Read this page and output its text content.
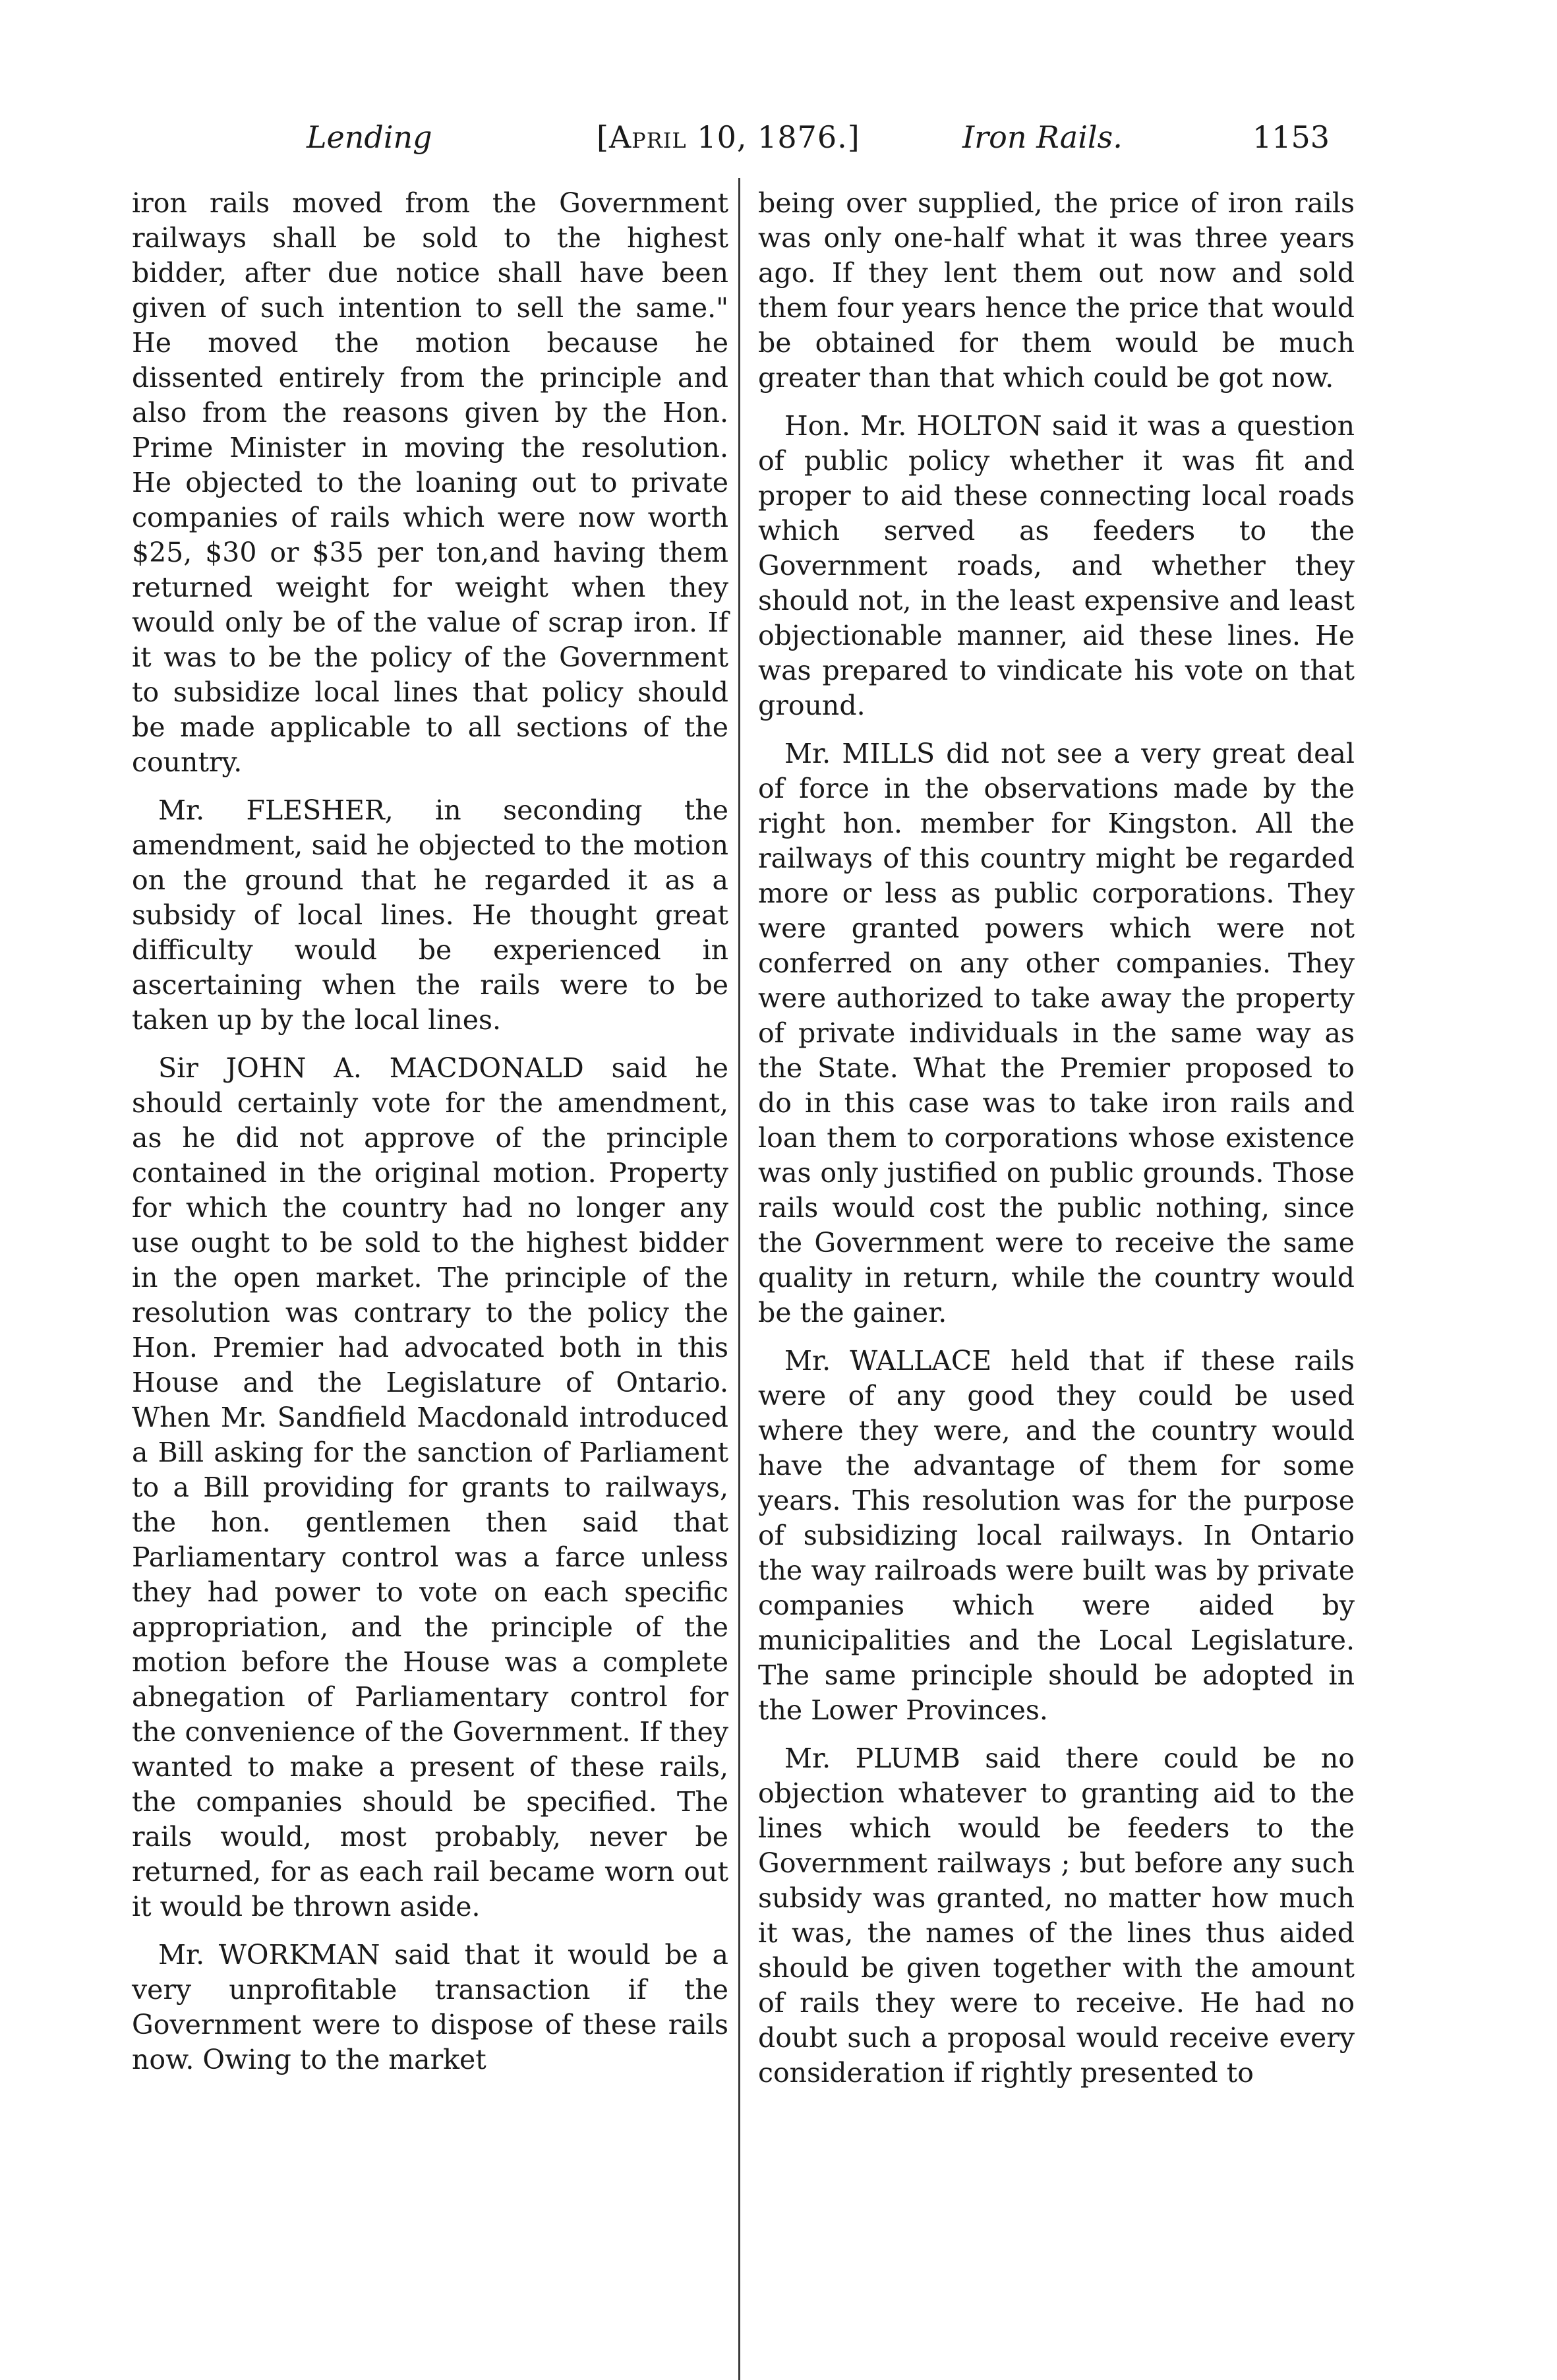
Lending	[April 10, 1876.]	Iron Rails.	1153

iron rails moved from the Government railways shall be sold to the highest bidder, after due notice shall have been given of such intention to sell the same." He moved the motion because he dissented entirely from the principle and also from the reasons given by the Hon. Prime Minister in moving the resolution. He objected to the loaning out to private companies of rails which were now worth $25, $30 or $35 per ton,and having them returned weight for weight when they would only be of the value of scrap iron. If it was to be the policy of the Government to subsidize local lines that policy should be made applicable to all sections of the country.

Mr. FLESHER, in seconding the amendment, said he objected to the motion on the ground that he regarded it as a subsidy of local lines. He thought great difficulty would be experienced in ascertaining when the rails were to be taken up by the local lines.

Sir JOHN A. MACDONALD said he should certainly vote for the amendment, as he did not approve of the principle contained in the original motion. Property for which the country had no longer any use ought to be sold to the highest bidder in the open market. The principle of the resolution was contrary to the policy the Hon. Premier had advocated both in this House and the Legislature of Ontario. When Mr. Sandfield Macdonald introduced a Bill asking for the sanction of Parliament to a Bill providing for grants to railways, the hon. gentlemen then said that Parliamentary control was a farce unless they had power to vote on each specific appropriation, and the principle of the motion before the House was a complete abnegation of Parliamentary control for the convenience of the Government. If they wanted to make a present of these rails, the companies should be specified. The rails would, most probably, never be returned, for as each rail became worn out it would be thrown aside.

Mr. WORKMAN said that it would be a very unprofitable transaction if the Government were to dispose of these rails now. Owing to the market

being over supplied, the price of iron rails was only one-half what it was three years ago. If they lent them out now and sold them four years hence the price that would be obtained for them would be much greater than that which could be got now.

Hon. Mr. HOLTON said it was a question of public policy whether it was fit and proper to aid these connecting local roads which served as feeders to the Government roads, and whether they should not, in the least expensive and least objectionable manner, aid these lines. He was prepared to vindicate his vote on that ground.

Mr. MILLS did not see a very great deal of force in the observations made by the right hon. member for Kingston. All the railways of this country might be regarded more or less as public corporations. They were granted powers which were not conferred on any other companies. They were authorized to take away the property of private individuals in the same way as the State. What the Premier proposed to do in this case was to take iron rails and loan them to corporations whose existence was only justified on public grounds. Those rails would cost the public nothing, since the Government were to receive the same quality in return, while the country would be the gainer.

Mr. WALLACE held that if these rails were of any good they could be used where they were, and the country would have the advantage of them for some years. This resolution was for the purpose of subsidizing local railways. In Ontario the way railroads were built was by private companies which were aided by municipalities and the Local Legislature. The same principle should be adopted in the Lower Provinces.

Mr. PLUMB said there could be no objection whatever to granting aid to the lines which would be feeders to the Government railways ; but before any such subsidy was granted, no matter how much it was, the names of the lines thus aided should be given together with the amount of rails they were to receive. He had no doubt such a proposal would receive every consideration if rightly presented to
